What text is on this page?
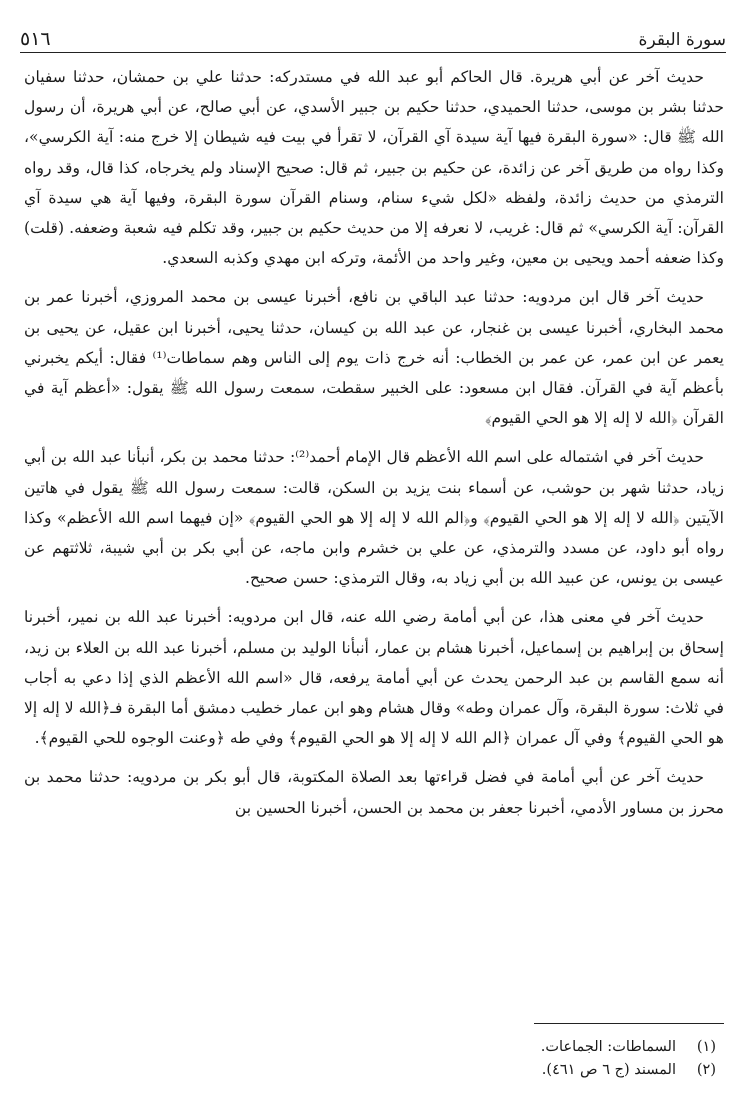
سورة البقرة
٥١٦

حديث آخر عن أبي هريرة. قال الحاكم أبو عبد الله في مستدركه: حدثنا علي بن حمشان، حدثنا سفيان حدثنا بشر بن موسى، حدثنا الحميدي، حدثنا حكيم بن جبير الأسدي، عن أبي صالح، عن أبي هريرة، أن رسول الله ﷺ قال: «سورة البقرة فيها آية سيدة آي القرآن، لا تقرأ في بيت فيه شيطان إلا خرج منه: آية الكرسي»، وكذا رواه من طريق آخر عن زائدة، عن حكيم بن جبير، ثم قال: صحيح الإسناد ولم يخرجاه، كذا قال، وقد رواه الترمذي من حديث زائدة، ولفظه «لكل شيء سنام، وسنام القرآن سورة البقرة، وفيها آية هي سيدة آي القرآن: آية الكرسي» ثم قال: غريب، لا نعرفه إلا من حديث حكيم بن جبير، وقد تكلم فيه شعبة وضعفه. (قلت) وكذا ضعفه أحمد ويحيى بن معين، وغير واحد من الأئمة، وتركه ابن مهدي وكذبه السعدي.

حديث آخر قال ابن مردويه: حدثنا عبد الباقي بن نافع، أخبرنا عيسى بن محمد المروزي، أخبرنا عمر بن محمد البخاري، أخبرنا عيسى بن غنجار، عن عبد الله بن كيسان، حدثنا يحيى، أخبرنا ابن عقيل، عن يحيى بن يعمر عن ابن عمر، عن عمر بن الخطاب: أنه خرج ذات يوم إلى الناس وهم سماطات⁽¹⁾ فقال: أيكم يخبرني بأعظم آية في القرآن. فقال ابن مسعود: على الخبير سقطت، سمعت رسول الله ﷺ يقول: «أعظم آية في القرآن ﴿الله لا إله إلا هو الحي القيوم﴾

حديث آخر في اشتماله على اسم الله الأعظم قال الإمام أحمد⁽²⁾: حدثنا محمد بن بكر، أنبأنا عبد الله بن أبي زياد، حدثنا شهر بن حوشب، عن أسماء بنت يزيد بن السكن، قالت: سمعت رسول الله ﷺ يقول في هاتين الآيتين ﴿الله لا إله إلا هو الحي القيوم﴾ و﴿الم الله لا إله إلا هو الحي القيوم﴾ «إن فيهما اسم الله الأعظم» وكذا رواه أبو داود، عن مسدد والترمذي، عن علي بن خشرم وابن ماجه، عن أبي بكر بن أبي شيبة، ثلاثتهم عن عيسى بن يونس، عن عبيد الله بن أبي زياد به، وقال الترمذي: حسن صحيح.

حديث آخر في معنى هذا، عن أبي أمامة رضي الله عنه، قال ابن مردويه: أخبرنا عبد الله بن نمير، أخبرنا إسحاق بن إبراهيم بن إسماعيل، أخبرنا هشام بن عمار، أنبأنا الوليد بن مسلم، أخبرنا عبد الله بن العلاء بن زيد، أنه سمع القاسم بن عبد الرحمن يحدث عن أبي أمامة يرفعه، قال «اسم الله الأعظم الذي إذا دعي به أجاب في ثلاث: سورة البقرة، وآل عمران وطه» وقال هشام وهو ابن عمار خطيب دمشق أما البقرة فـ﴿الله لا إله إلا هو الحي القيوم﴾ وفي آل عمران ﴿الم الله لا إله إلا هو الحي القيوم﴾ وفي طه ﴿وعنت الوجوه للحي القيوم﴾.

حديث آخر عن أبي أمامة في فضل قراءتها بعد الصلاة المكتوبة، قال أبو بكر بن مردويه: حدثنا محمد بن محرز بن مساور الأدمي، أخبرنا جعفر بن محمد بن الحسن، أخبرنا الحسين بن

(١)
السماطات: الجماعات.
(٢)
المسند (ج ٦ ص ٤٦١).
